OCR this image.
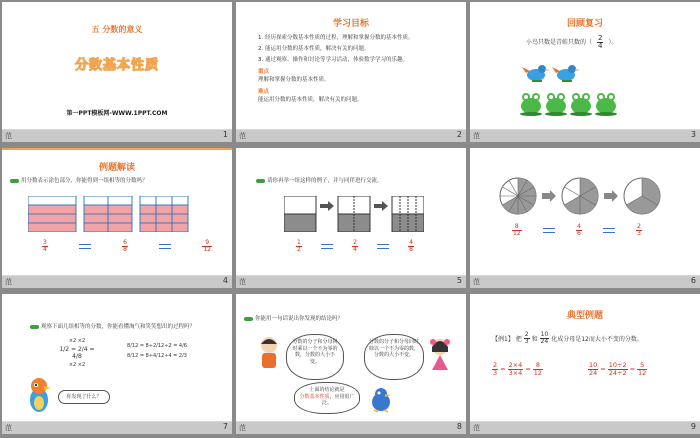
五 分数的意义
分数基本性质
第一PPT模板网-WWW.1PPT.COM
范	1
学习目标
1. 经历探索分数基本性质的过程，理解和掌握分数的基本性质。
2. 能运用分数的基本性质，解决有关的问题。
3. 通过观察、操作和讨论等学习活动，体验数学学习的乐趣。
重点
理解和掌握分数的基本性质。
难点
能运用分数的基本性质，解决有关的问题。
范	2
回顾复习
小鸟只数是青蛙只数的（ $\frac{2}{4}$ ）。
范	3
例题解读
用分数表示涂色部分，你能得到一组相等的分数吗？
$\frac{3}{4}$	$\frac{6}{8}$	$\frac{9}{12}$
范	4
请你再举一组这样的例子，并与同伴进行交流。
$\frac{1}{2}$	$\frac{2}{4}$	$\frac{4}{8}$
范	5
$\frac{8}{12}$	$\frac{4}{6}$	$\frac{2}{3}$
范	6
观察下面几组相等的分数，你能看懂淘气和笑笑想出的过程吗？
×2 ×2
1/2 = 2/4 = 4/8
×2 ×2
8/12 = 8÷2/12÷2 = 4/6
8/12 = 8÷4/12÷4 = 2/3
你发现了什么？
范	7
你能用一句话说出你发现的结论吗？
分数的分子和分母同时乘以一个不为零的数，分数的大小不变。
分数的分子和分母同时除以一个不为零的数，分数的大小不变。
上面的结论就是
分数基本性质，应用很广泛。
范	8
典型例题
【例1】 把 $\frac{2}{3}$ 和 $\frac{10}{24}$ 化成分母是12而大小不变的分数。
$\frac{2}{3} = \frac{2\times 4}{3\times 4} = \frac{8}{12}$	$\frac{10}{24} = \frac{10\div 2}{24\div 2} = \frac{5}{12}$
范	9
